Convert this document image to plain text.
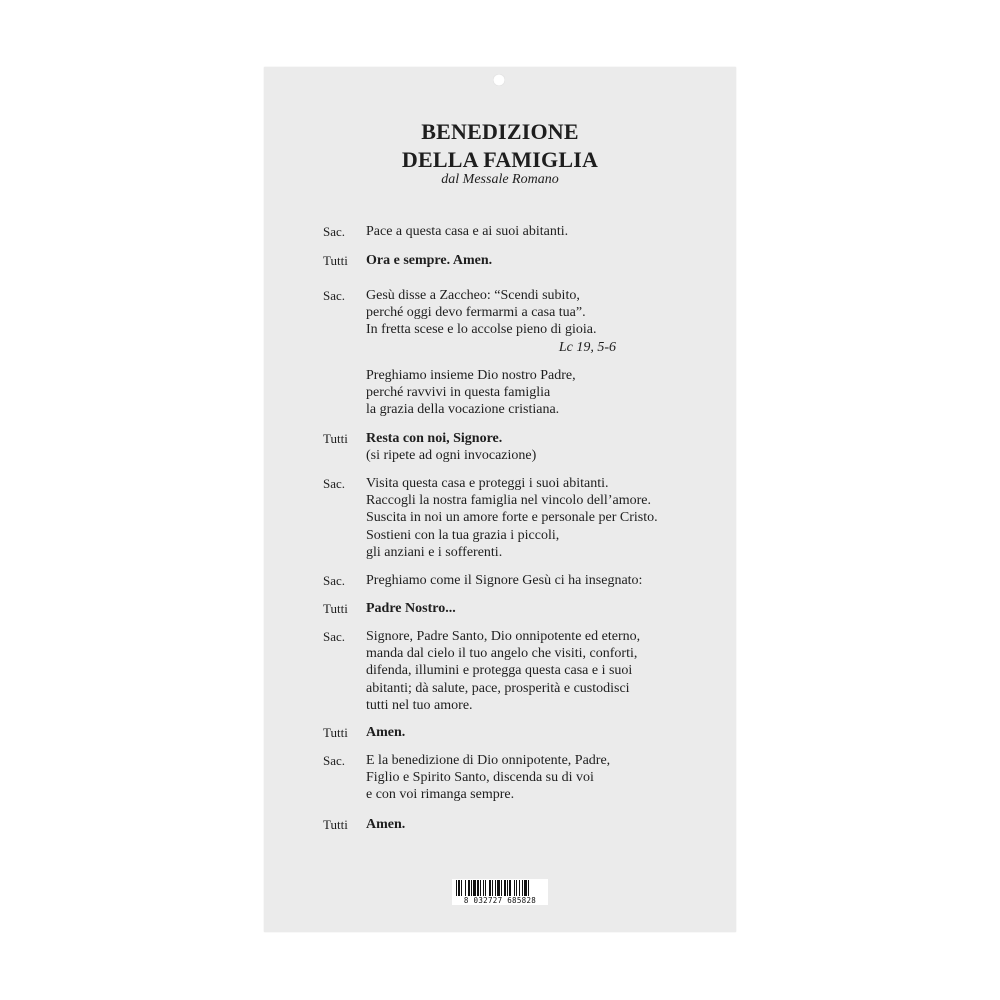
BENEDIZIONE
DELLA FAMIGLIA
dal Messale Romano
Sac. Pace a questa casa e ai suoi abitanti.
Tutti Ora e sempre. Amen.
Sac. Gesù disse a Zaccheo: “Scendi subito,
perché oggi devo fermarmi a casa tua”.
In fretta scese e lo accolse pieno di gioia.
Lc 19, 5-6
Preghiamo insieme Dio nostro Padre,
perché ravvivi in questa famiglia
la grazia della vocazione cristiana.
Tutti Resta con noi, Signore.
(si ripete ad ogni invocazione)
Sac. Visita questa casa e proteggi i suoi abitanti.
Raccogli la nostra famiglia nel vincolo dell’amore.
Suscita in noi un amore forte e personale per Cristo.
Sostieni con la tua grazia i piccoli,
gli anziani e i sofferenti.
Sac. Preghiamo come il Signore Gesù ci ha insegnato:
Tutti Padre Nostro...
Sac. Signore, Padre Santo, Dio onnipotente ed eterno,
manda dal cielo il tuo angelo che visiti, conforti,
difenda, illumini e protegga questa casa e i suoi
abitanti; dà salute, pace, prosperità e custodisci
tutti nel tuo amore.
Tutti Amen.
Sac. E la benedizione di Dio onnipotente, Padre,
Figlio e Spirito Santo, discenda su di voi
e con voi rimanga sempre.
Tutti Amen.
8 032727 685828
